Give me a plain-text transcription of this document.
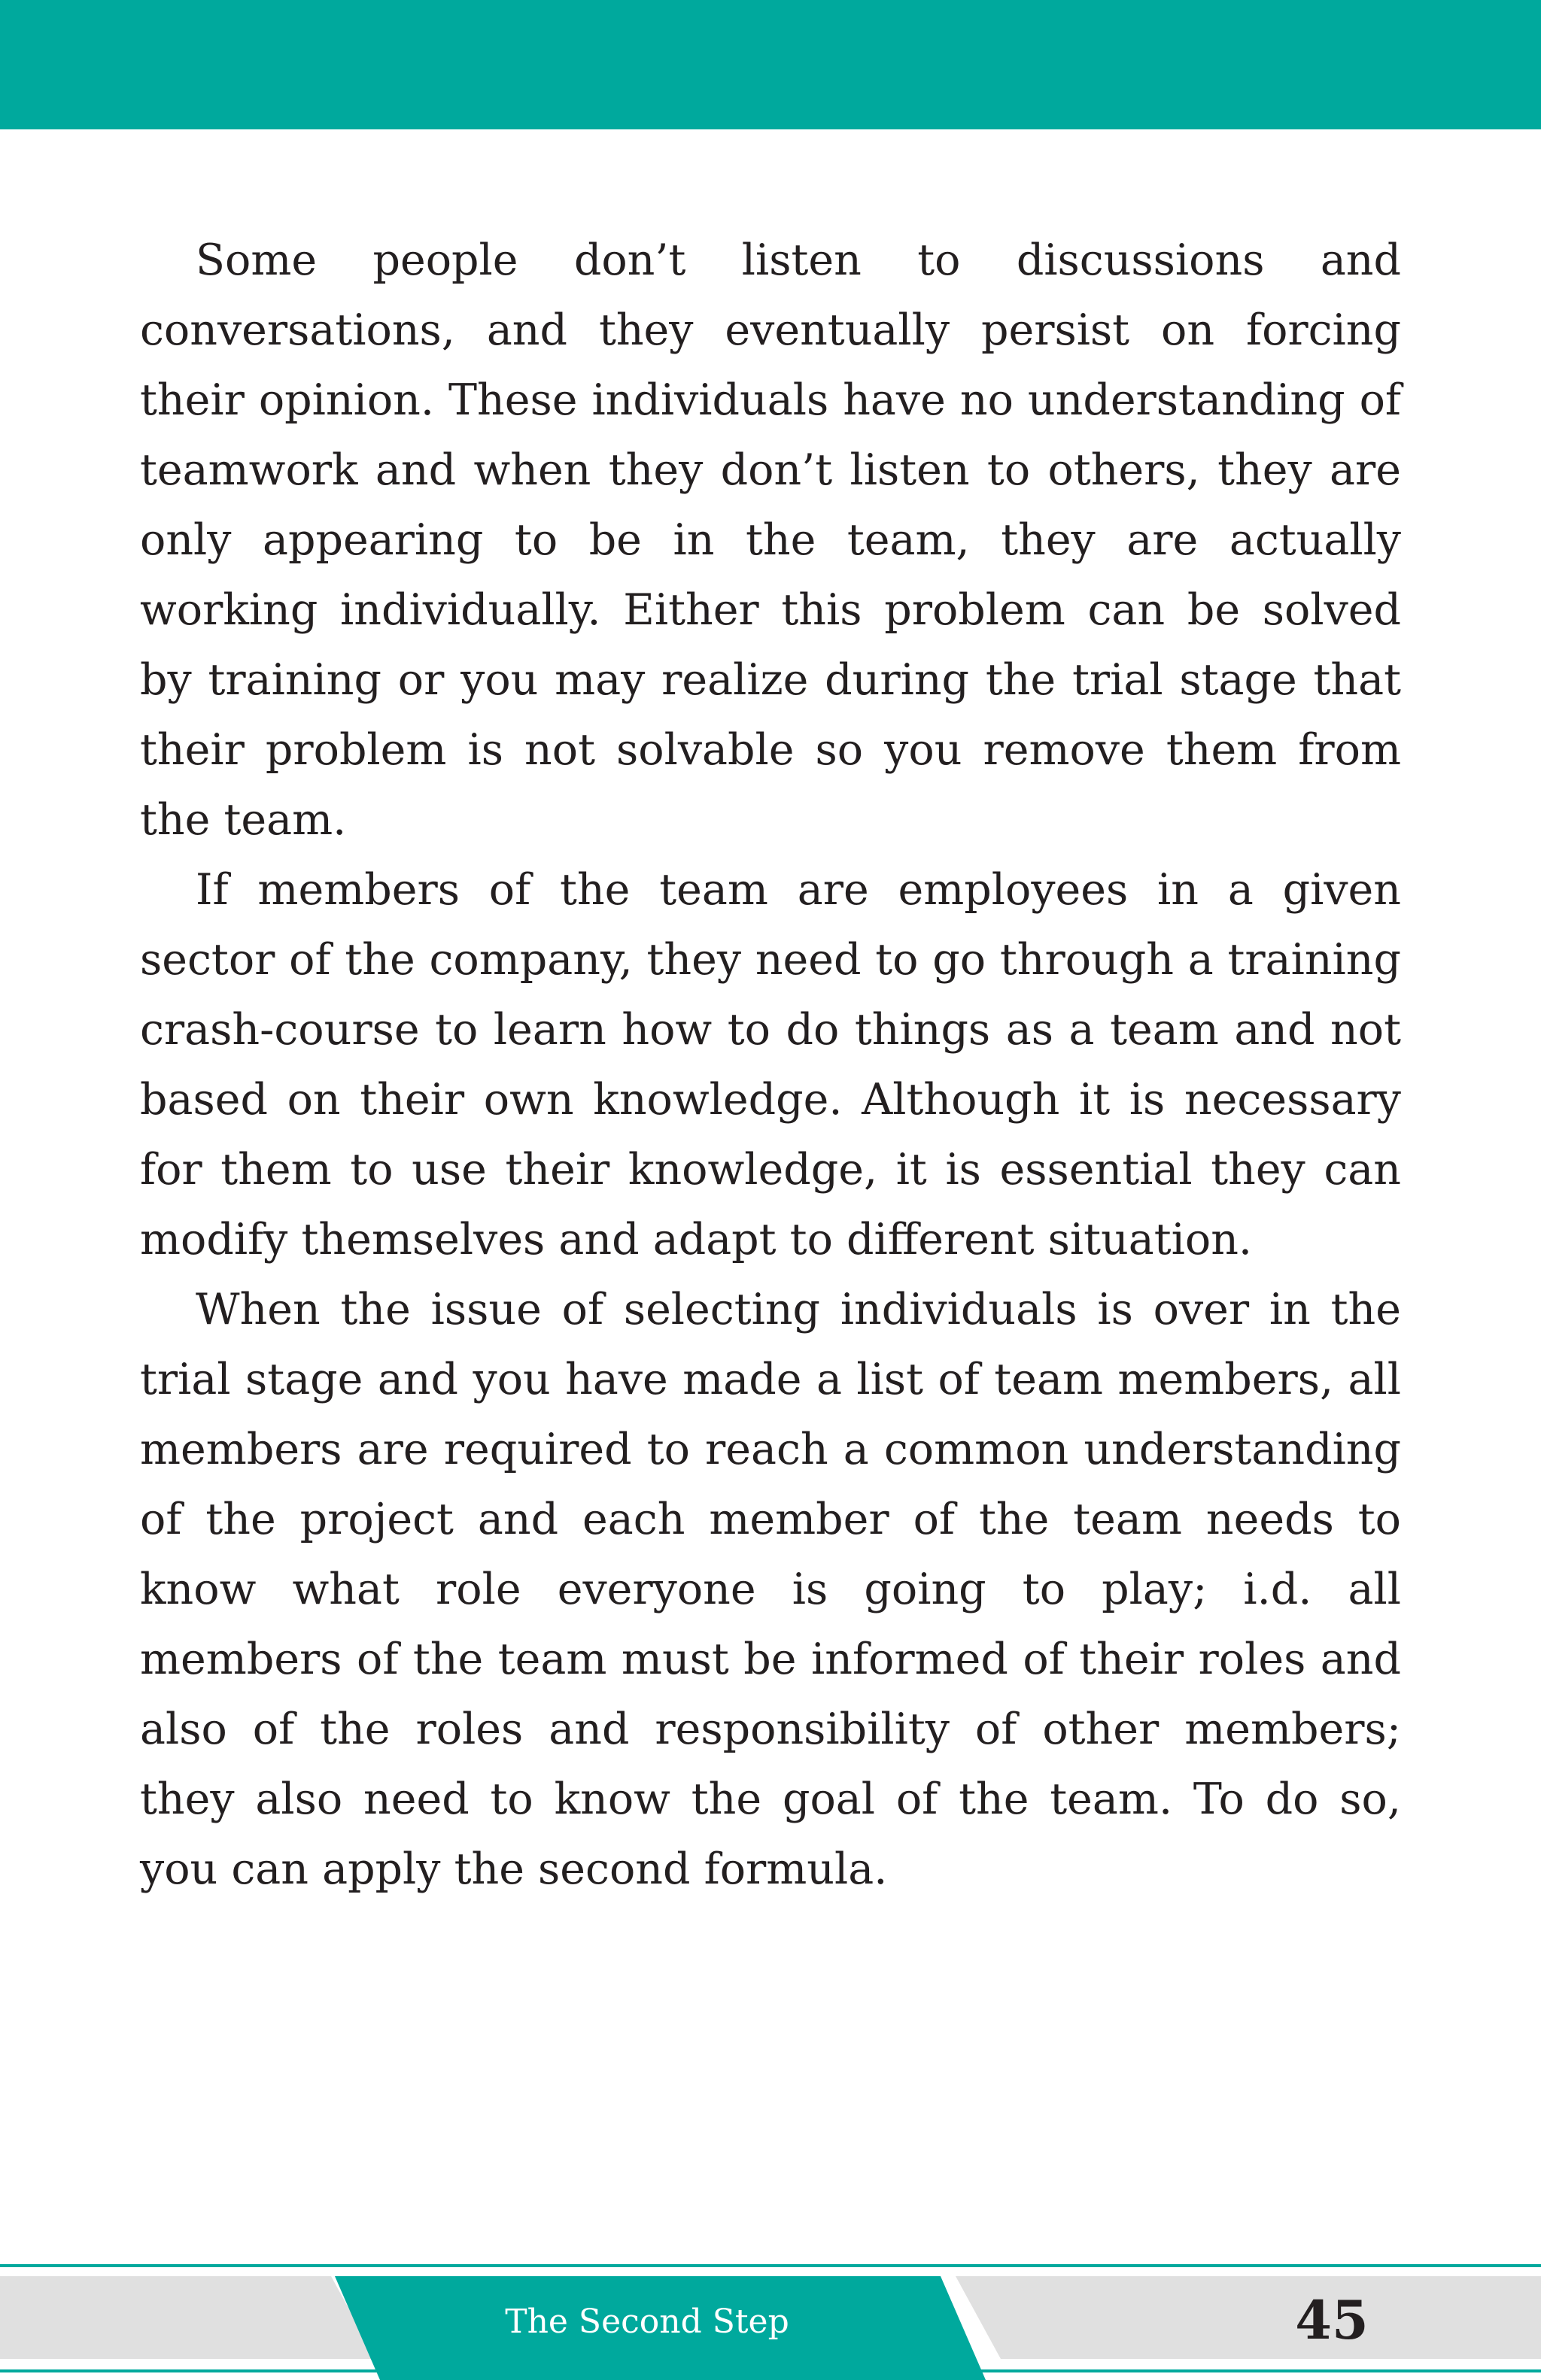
Some people don’t listen to discussions and conversations, and they eventually persist on forcing their opinion. These individuals have no understanding of teamwork and when they don’t listen to others, they are only appearing to be in the team, they are actually working individually. Either this problem can be solved by training or you may realize during the trial stage that their problem is not solvable so you remove them from the team.

If members of the team are employees in a given sector of the company, they need to go through a training crash-course to learn how to do things as a team and not based on their own knowledge. Although it is necessary for them to use their knowledge, it is essential they can modify themselves and adapt to different situation.

When the issue of selecting individuals is over in the trial stage and you have made a list of team members, all members are required to reach a common understanding of the project and each member of the team needs to know what role everyone is going to play; i.d. all members of the team must be informed of their roles and also of the roles and responsibility of other members; they also need to know the goal of the team. To do so, you can apply the second formula.

The Second Step	45
